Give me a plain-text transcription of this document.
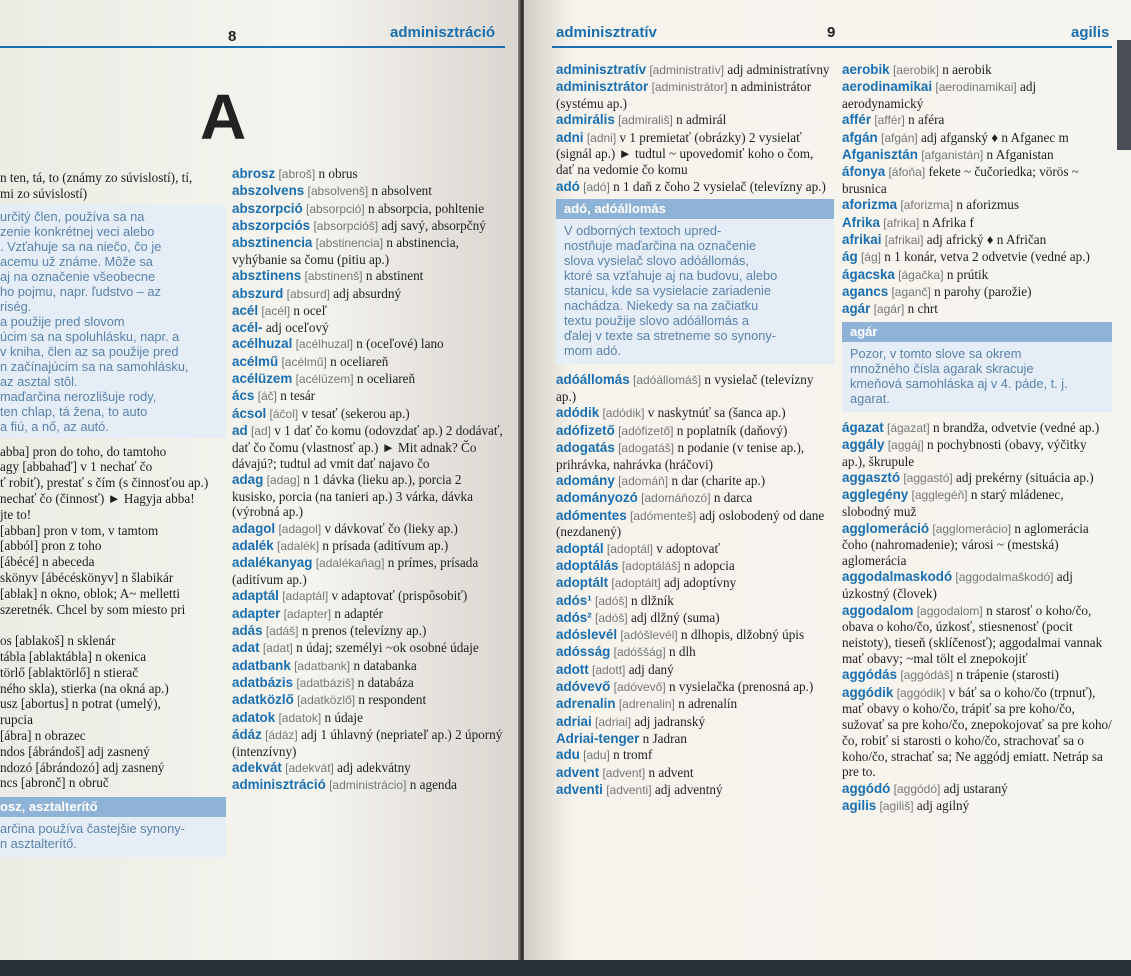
8	adminisztráció
A
n ten, tá, to (známy zo súvislostí), tí,
mi zo súvislostí)
určitý člen, používa sa na
zenie konkrétnej veci alebo
. Vzťahuje sa na niečo, čo je
acemu už známe. Môže sa
aj na označenie všeobecne
ho pojmu, napr. ľudstvo – az
riség.
a použije pred slovom
úcim sa na spoluhlásku, napr. a
v kniha, člen az sa použije pred
n začínajúcim sa na samohlásku,
az asztal stôl.
maďarčina nerozlišuje rody,
ten chlap, tá žena, to auto
a fiú, a nő, az autó.
abba] pron do toho, do tamtoho
agy [abbahaď] v 1 nechať čo
ť robiť), prestať s čím (s činnosťou ap.)
nechať čo (činnosť) ► Hagyja abba!
jte to!
[abban] pron v tom, v tamtom
[abból] pron z toho
[ábécé] n abeceda
skönyv [ábécéskönyv] n šlabikár
[ablak] n okno, oblok; A~ melletti
szeretnék. Chcel by som miesto pri

os [ablakoš] n sklenár
tábla [ablaktábla] n okenica
törlő [ablaktörlő] n stierač
ného skla), stierka (na okná ap.)
usz [abortus] n potrat (umelý),
rupcia
[ábra] n obrazec
ndos [ábrándoš] adj zasnený
ndozó [ábrándozó] adj zasnený
ncs [abronč] n obruč
osz, asztalterítő
arčina používa častejšie synony-
n asztalterítő.
abrosz [abroš] n obrus
abszolvens [absolvenš] n absolvent
abszorpció [absorpció] n absorpcia, pohltenie
abszorpciós [absorpcióš] adj savý, absorpčný
absztinencia [abstinencia] n abstinencia, vyhýbanie sa čomu (pitiu ap.)
absztinens [abstinenš] n abstinent
abszurd [absurd] adj absurdný
acél [acél] n oceľ
acél- adj oceľový
acélhuzal [acélhuzal] n (oceľové) lano
acélmű [acélmű] n oceliareň
acélüzem [acélüzem] n oceliareň
ács [áč] n tesár
ácsol [áčol] v tesať (sekerou ap.)
ad [ad] v 1 dať čo komu (odovzdať ap.) 2 dodávať, dať čo čomu (vlastnosť ap.) ► Mit adnak? Čo dávajú?; tudtul ad vmit dať najavo čo
adag [adag] n 1 dávka (lieku ap.), porcia 2 kusisko, porcia (na tanieri ap.) 3 várka, dávka (výrobná ap.)
adagol [adagol] v dávkovať čo (lieky ap.)
adalék [adalék] n prísada (aditívum ap.)
adalékanyag [adalékaňag] n prímes, prísada (aditívum ap.)
adaptál [adaptál] v adaptovať (prispôsobiť)
adapter [adapter] n adaptér
adás [adáš] n prenos (televízny ap.)
adat [adat] n údaj; személyi ~ok osobné údaje
adatbank [adatbank] n databanka
adatbázis [adatbáziš] n databáza
adatközlő [adatközlő] n respondent
adatok [adatok] n údaje
ádáz [ádáz] adj 1 úhlavný (nepriateľ ap.) 2 úporný (intenzívny)
adekvát [adekvát] adj adekvátny
adminisztráció [administrácio] n agenda
adminisztratív	9	agilis
adminisztratív [administratív] adj administratívny
adminisztrátor [administrátor] n administrátor (systému ap.)
admirális [admirališ] n admirál
adni [adni] v 1 premietať (obrázky) 2 vysielať (signál ap.) ► tudtul ~ upovedomiť koho o čom, dať na vedomie čo komu
adó [adó] n 1 daň z čoho 2 vysielač (televízny ap.)
adó, adóállomás
V odborných textoch upred-
nostňuje maďarčina na označenie
slova vysielač slovo adóállomás,
ktoré sa vzťahuje aj na budovu, alebo
stanicu, kde sa vysielacie zariadenie
nachádza. Niekedy sa na začiatku
textu použije slovo adóállomás a
ďalej v texte sa stretneme so synony-
mom adó.
adóállomás [adóállomáš] n vysielač (televízny ap.)
adódik [adódik] v naskytnúť sa (šanca ap.)
adófizető [adófizető] n poplatník (daňový)
adogatás [adogatáš] n podanie (v tenise ap.), prihrávka, nahrávka (hráčovi)
adomány [adomáň] n dar (charite ap.)
adományozó [adomáňozó] n darca
adómentes [adómenteš] adj oslobodený od dane (nezdanený)
adoptál [adoptál] v adoptovať
adoptálás [adoptáláš] n adopcia
adoptált [adoptált] adj adoptívny
adós¹ [adóš] n dlžník
adós² [adóš] adj dlžný (suma)
adóslevél [adóšlevél] n dlhopis, dlžobný úpis
adósság [adóššág] n dlh
adott [adott] adj daný
adóvevő [adóvevő] n vysielačka (prenosná ap.)
adrenalin [adrenalin] n adrenalín
adriai [adriai] adj jadranský
Adriai-tenger n Jadran
adu [adu] n tromf
advent [advent] n advent
adventi [adventi] adj adventný
aerobik [aerobik] n aerobik
aerodinamikai [aerodinamikai] adj aerodynamický
affér [affér] n aféra
afgán [afgán] adj afganský ♦ n Afganec m
Afganisztán [afganistán] n Afganistan
áfonya [áfoňa] fekete ~ čučoriedka; vörös ~ brusnica
aforizma [aforizma] n aforizmus
Afrika [afrika] n Afrika f
afrikai [afrikai] adj africký ♦ n Afričan
ág [ág] n 1 konár, vetva 2 odvetvie (vedné ap.)
ágacska [ágačka] n prútik
agancs [aganč] n parohy (parožie)
agár [agár] n chrt
agár
Pozor, v tomto slove sa okrem
množného čísla agarak skracuje
kmeňová samohláska aj v 4. páde, t. j.
agarat.
ágazat [ágazat] n brandža, odvetvie (vedné ap.)
aggály [aggáj] n pochybnosti (obavy, výčitky ap.), škrupule
aggasztó [aggastó] adj prekérny (situácia ap.)
agglegény [agglegéň] n starý mládenec, slobodný muž
agglomeráció [agglomerácio] n aglomerácia čoho (nahromadenie); városi ~ (mestská) aglomerácia
aggodalmaskodó [aggodalmaškodó] adj úzkostný (človek)
aggodalom [aggodalom] n starosť o koho/čo, obava o koho/čo, úzkosť, stiesnenosť (pocit neistoty), tieseň (sklíčenosť); aggodalmai vannak mať obavy; ~mal tölt el znepokojiť
aggódás [aggódáš] n trápenie (starosti)
aggódik [aggódik] v báť sa o koho/čo (trpnuť), mať obavy o koho/čo, trápiť sa pre koho/čo, sužovať sa pre koho/čo, znepokojovať sa pre koho/čo, robiť si starosti o koho/čo, strachovať sa o koho/čo, strachať sa; Ne aggódj emiatt. Netráp sa pre to.
aggódó [aggódó] adj ustaraný
agilis [agiliš] adj agilný
